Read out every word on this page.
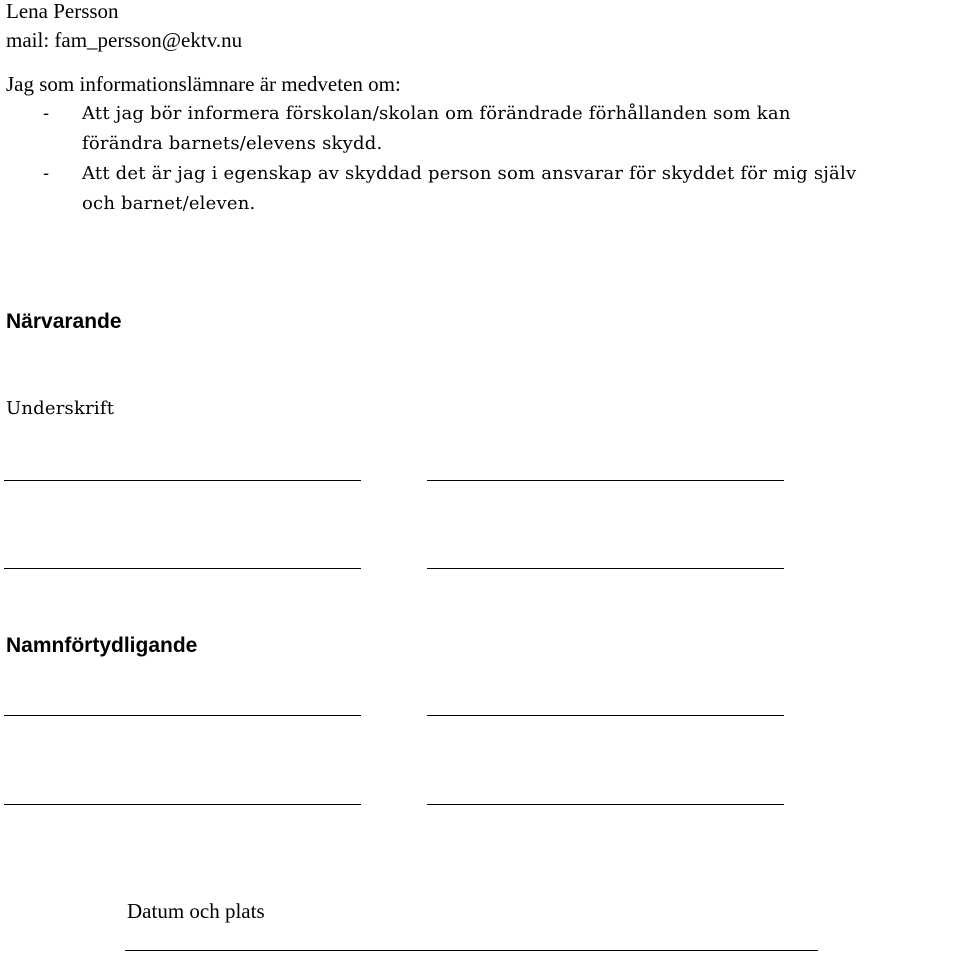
Lena Persson
mail: fam_persson@ektv.nu
Jag som informationslämnare är medveten om:
- Att jag bör informera förskolan/skolan om förändrade förhållanden som kan
förändra barnets/elevens skydd.
- Att det är jag i egenskap av skyddad person som ansvarar för skyddet för mig själv
och barnet/eleven.
Närvarande
Underskrift
Namnförtydligande
Datum och plats
